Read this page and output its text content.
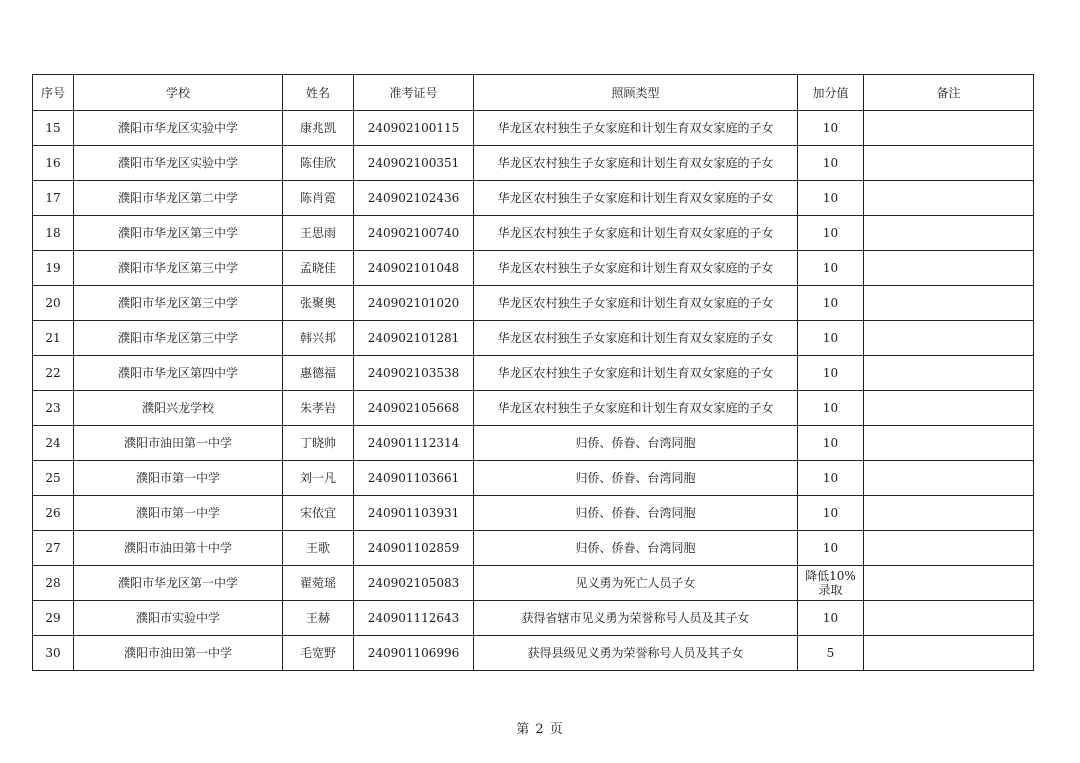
序号	学校	姓名	准考证号	照顾类型	加分值	备注
15	濮阳市华龙区实验中学	康兆凯	240902100115	华龙区农村独生子女家庭和计划生育双女家庭的子女	10	
16	濮阳市华龙区实验中学	陈佳欣	240902100351	华龙区农村独生子女家庭和计划生育双女家庭的子女	10	
17	濮阳市华龙区第二中学	陈肖霓	240902102436	华龙区农村独生子女家庭和计划生育双女家庭的子女	10	
18	濮阳市华龙区第三中学	王思雨	240902100740	华龙区农村独生子女家庭和计划生育双女家庭的子女	10	
19	濮阳市华龙区第三中学	孟晓佳	240902101048	华龙区农村独生子女家庭和计划生育双女家庭的子女	10	
20	濮阳市华龙区第三中学	张聚奥	240902101020	华龙区农村独生子女家庭和计划生育双女家庭的子女	10	
21	濮阳市华龙区第三中学	韩兴邦	240902101281	华龙区农村独生子女家庭和计划生育双女家庭的子女	10	
22	濮阳市华龙区第四中学	惠德福	240902103538	华龙区农村独生子女家庭和计划生育双女家庭的子女	10	
23	濮阳兴龙学校	朱孝岩	240902105668	华龙区农村独生子女家庭和计划生育双女家庭的子女	10	
24	濮阳市油田第一中学	丁晓帅	240901112314	归侨、侨眷、台湾同胞	10	
25	濮阳市第一中学	刘一凡	240901103661	归侨、侨眷、台湾同胞	10	
26	濮阳市第一中学	宋依宜	240901103931	归侨、侨眷、台湾同胞	10	
27	濮阳市油田第十中学	王歌	240901102859	归侨、侨眷、台湾同胞	10	
28	濮阳市华龙区第一中学	翟菀瑶	240902105083	见义勇为死亡人员子女	降低10%录取	
29	濮阳市实验中学	王赫	240901112643	获得省辖市见义勇为荣誉称号人员及其子女	10	
30	濮阳市油田第一中学	毛宽野	240901106996	获得县级见义勇为荣誉称号人员及其子女	5	
第 2 页
